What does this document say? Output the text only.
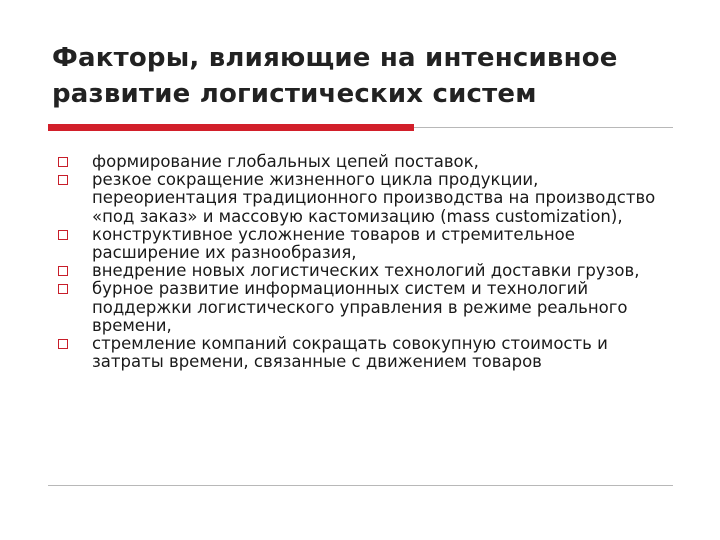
Факторы, влияющие на интенсивное
развитие логистических систем
формирование глобальных цепей поставок,
резкое сокращение жизненного цикла продукции, переориентация традиционного производства на производство «под заказ» и массовую кастомизацию (mass customization),
конструктивное усложнение товаров и стремительное расширение их разнообразия,
внедрение новых логистических технологий доставки грузов,
бурное развитие информационных систем и технологий поддержки логистического управления в режиме реального времени,
стремление компаний сокращать совокупную стоимость и затраты времени, связанные с движением товаров
